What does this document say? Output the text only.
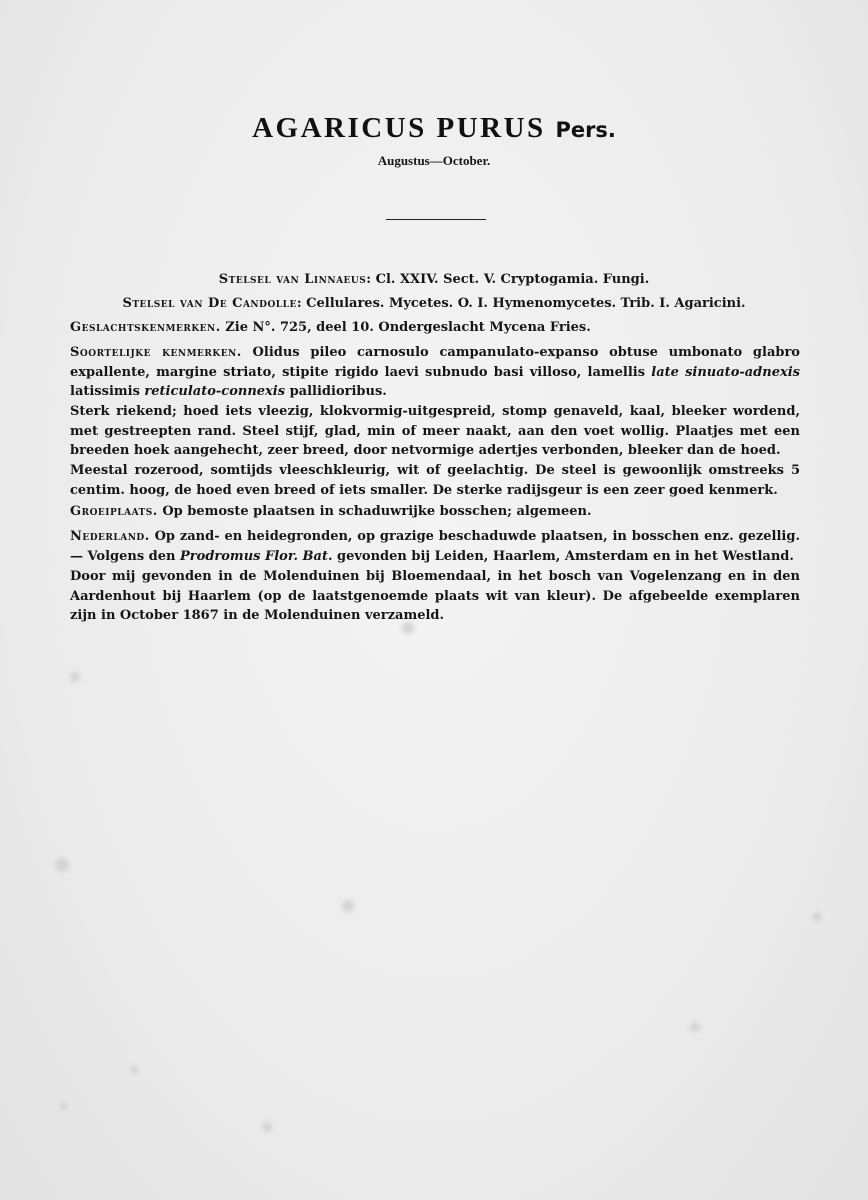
AGARICUS PURUS Pers.
Augustus—October.
Stelsel van Linnaeus: Cl. XXIV. Sect. V. Cryptogamia. Fungi.
Stelsel van De Candolle: Cellulares. Mycetes. O. I. Hymenomycetes. Trib. I. Agaricini.
Geslachtskenmerken. Zie N°. 725, deel 10. Ondergeslacht Mycena Fries.
Soortelijke kenmerken. Olidus pileo carnosulo campanulato-expanso obtuse umbonato glabro expallente, margine striato, stipite rigido laevi subnudo basi villoso, lamellis late sinuato-adnexis latissimis reticulato-connexis pallidioribus.
Sterk riekend; hoed iets vleezig, klokvormig-uitgespreid, stomp genaveld, kaal, bleeker wordend, met gestreepten rand. Steel stijf, glad, min of meer naakt, aan den voet wollig. Plaatjes met een breeden hoek aangehecht, zeer breed, door netvormige adertjes verbonden, bleeker dan de hoed.
Meestal rozerood, somtijds vleeschkleurig, wit of geelachtig. De steel is gewoonlijk omstreeks 5 centim. hoog, de hoed even breed of iets smaller. De sterke radijsgeur is een zeer goed kenmerk.
Groeiplaats. Op bemoste plaatsen in schaduwrijke bosschen; algemeen.
Nederland. Op zand- en heidegronden, op grazige beschaduwde plaatsen, in bosschen enz. gezellig. — Volgens den Prodromus Flor. Bat. gevonden bij Leiden, Haarlem, Amsterdam en in het Westland.
Door mij gevonden in de Molenduinen bij Bloemendaal, in het bosch van Vogelenzang en in den Aardenhout bij Haarlem (op de laatstgenoemde plaats wit van kleur). De afgebeelde exemplaren zijn in October 1867 in de Molenduinen verzameld.
